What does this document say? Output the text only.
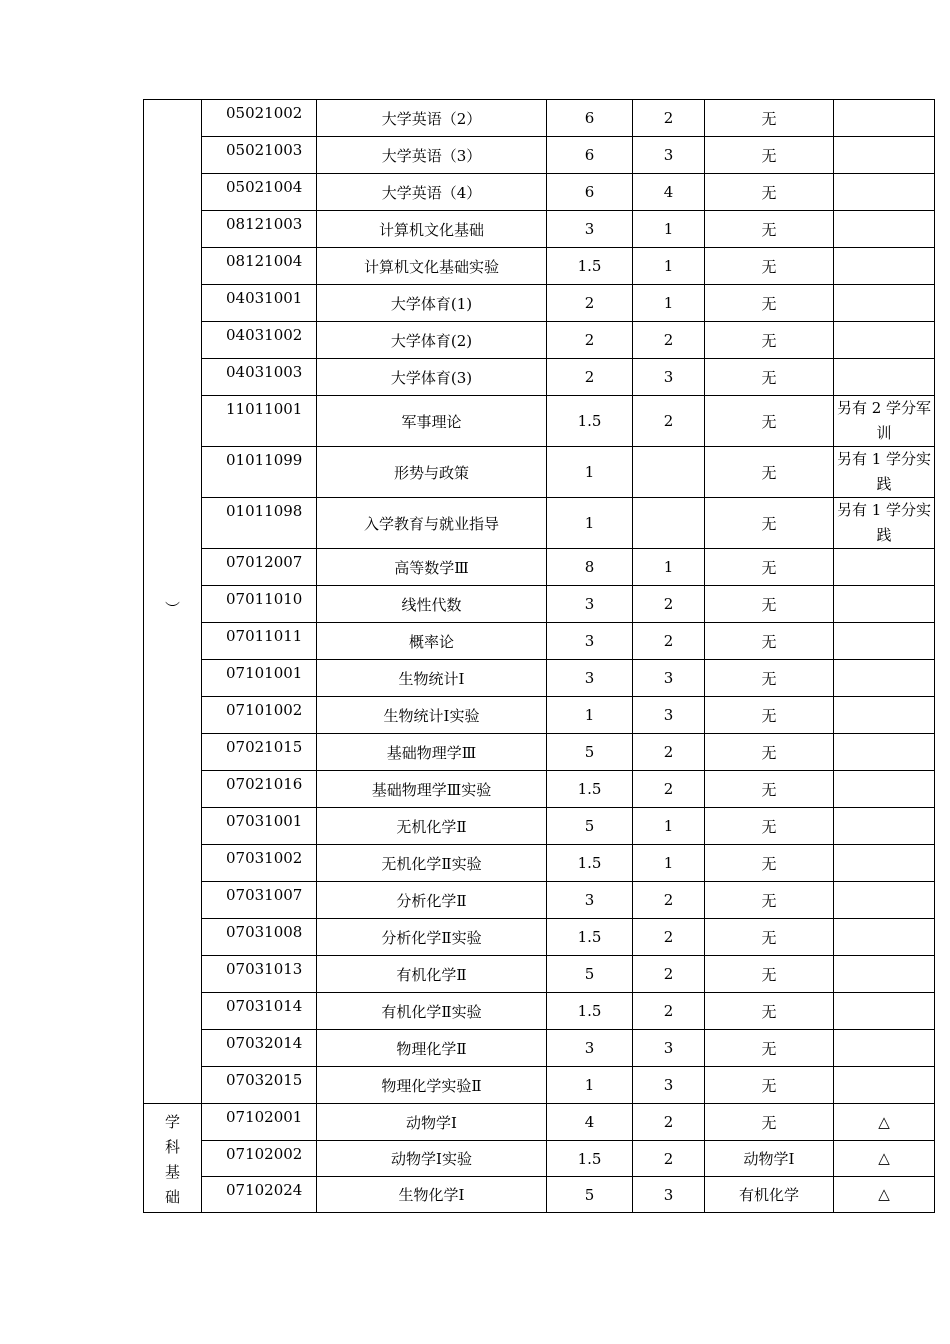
︶	05021002	大学英语（2）	6	2	无	
	05021003	大学英语（3）	6	3	无	
	05021004	大学英语（4）	6	4	无	
	08121003	计算机文化基础	3	1	无	
	08121004	计算机文化基础实验	1.5	1	无	
	04031001	大学体育(1)	2	1	无	
	04031002	大学体育(2)	2	2	无	
	04031003	大学体育(3)	2	3	无	
	11011001	军事理论	1.5	2	无	另有 2 学分军训
	01011099	形势与政策	1		无	另有 1 学分实践
	01011098	入学教育与就业指导	1		无	另有 1 学分实践
	07012007	高等数学Ⅲ	8	1	无	
	07011010	线性代数	3	2	无	
	07011011	概率论	3	2	无	
	07101001	生物统计Ⅰ	3	3	无	
	07101002	生物统计Ⅰ实验	1	3	无	
	07021015	基础物理学Ⅲ	5	2	无	
	07021016	基础物理学Ⅲ实验	1.5	2	无	
	07031001	无机化学Ⅱ	5	1	无	
	07031002	无机化学Ⅱ实验	1.5	1	无	
	07031007	分析化学Ⅱ	3	2	无	
	07031008	分析化学Ⅱ实验	1.5	2	无	
	07031013	有机化学Ⅱ	5	2	无	
	07031014	有机化学Ⅱ实验	1.5	2	无	
	07032014	物理化学Ⅱ	3	3	无	
	07032015	物理化学实验Ⅱ	1	3	无	

学
科
基
础	07102001	动物学Ⅰ	4	2	无	△
	07102002	动物学Ⅰ实验	1.5	2	动物学Ⅰ	△
	07102024	生物化学Ⅰ	5	3	有机化学	△
